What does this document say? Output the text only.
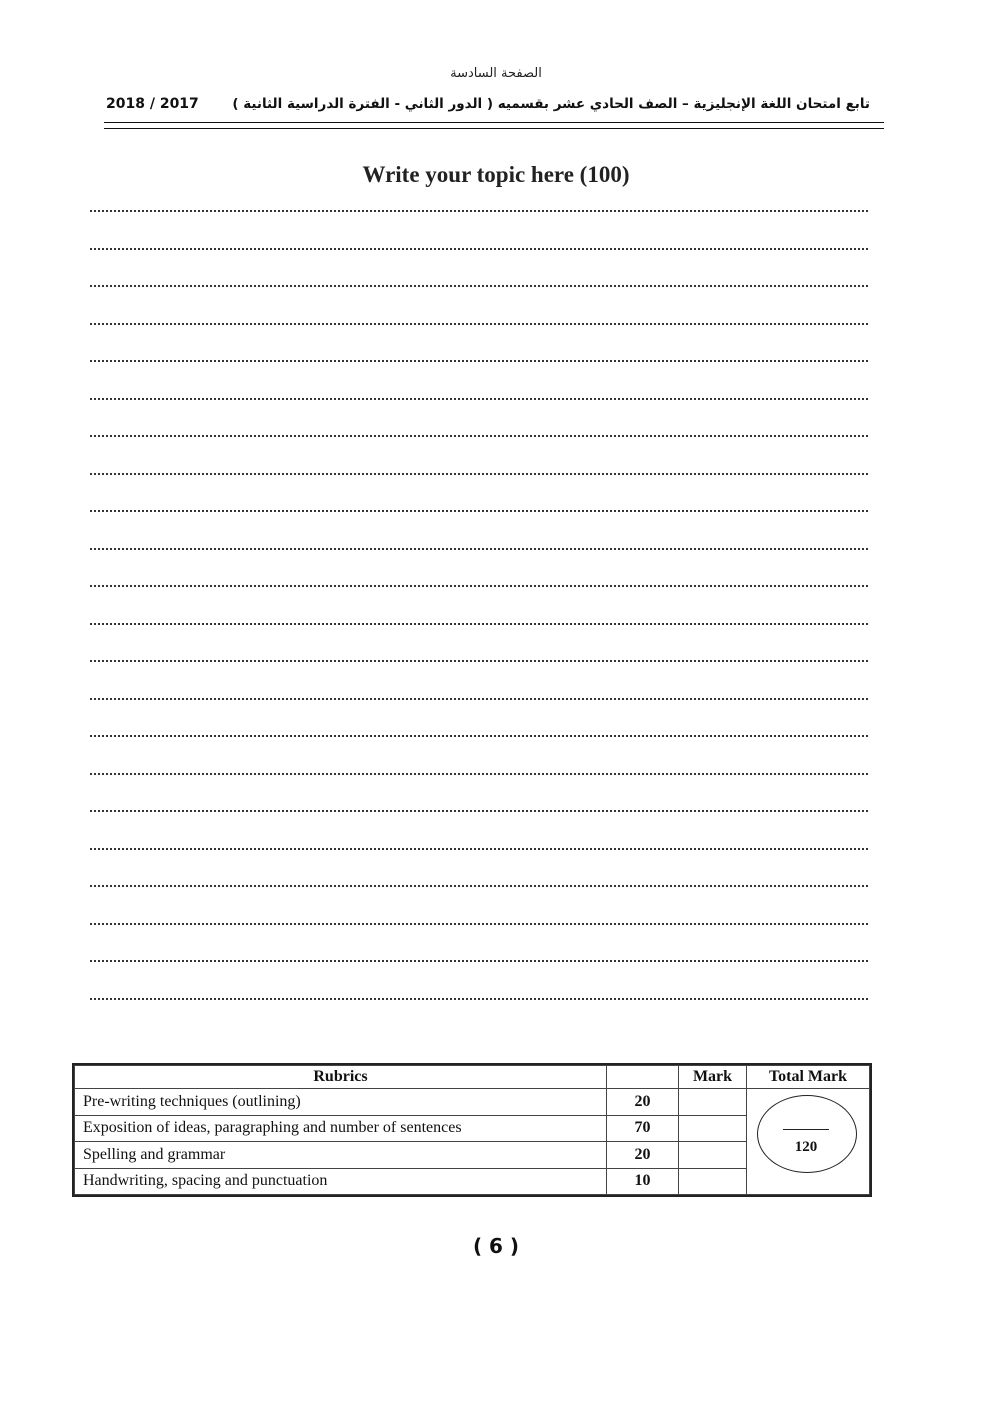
الصفحة السادسة
2018 / 2017 تابع امتحان اللغة الإنجليزية – الصف الحادي عشر بقسميه ( الدور الثاني - الفترة الدراسية الثانية )
Write your topic here (100)
Rubrics		Mark	Total Mark
Pre-writing techniques (outlining)	20		120

Exposition of ideas, paragraphing and number of sentences	70		
Spelling and grammar	20		
Handwriting, spacing and punctuation	10		
( 6 )
